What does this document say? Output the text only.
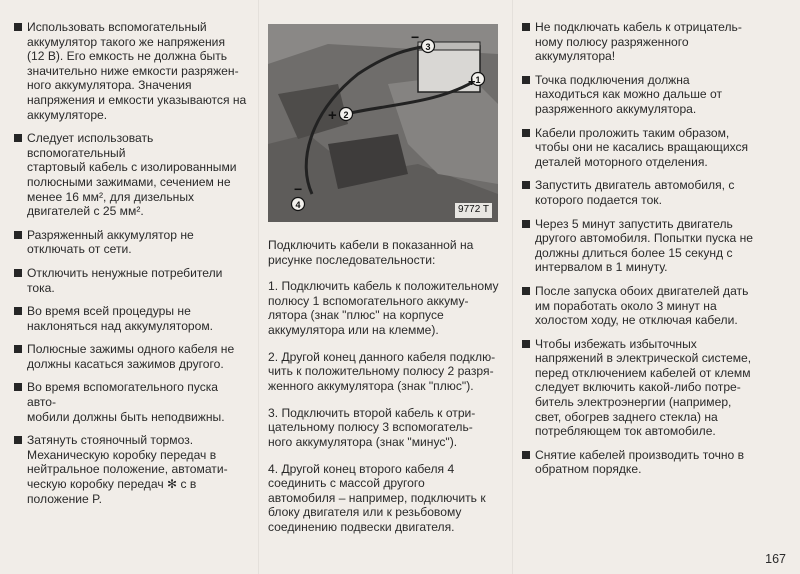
Использовать вспомогательный
аккумулятор такого же напряжения
(12 В). Его емкость не должна быть
значительно ниже емкости разряжен-
ного аккумулятора. Значения
напряжения и емкости указываются на
аккумуляторе.

Следует использовать вспомогательный
стартовый кабель с изолированными
полюсными зажимами, сечением не
менее 16 мм², для дизельных
двигателей с 25 мм².

Разряженный аккумулятор не
отключать от сети.

Отключить ненужные потребители
тока.

Во время всей процедуры не
наклоняться над аккумулятором.

Полюсные зажимы одного кабеля не
должны касаться зажимов другого.

Во время вспомогательного пуска авто-
мобили должны быть неподвижны.

Затянуть стояночный тормоз.
Механическую коробку передач в
нейтральное положение, автомати-
ческую коробку передач ✻ с в
положение P.

3
1
2
4
+
+
−
−
9772 T

Подключить кабели в показанной на
рисунке последовательности:

1. Подключить кабель к положительному
полюсу 1 вспомогательного аккуму-
лятора (знак "плюс" на корпусе
аккумулятора или на клемме).

2. Другой конец данного кабеля подклю-
чить к положительному полюсу 2 разря-
женного аккумулятора (знак "плюс").

3. Подключить второй кабель к отри-
цательному полюсу 3 вспомогатель-
ного аккумулятора (знак "минус").

4. Другой конец второго кабеля 4
соединить с массой другого
автомобиля – например, подключить к
блоку двигателя или к резьбовому
соединению подвески двигателя.

Не подключать кабель к отрицатель-
ному полюсу разряженного
аккумулятора!

Точка подключения должна
находиться как можно дальше от
разряженного аккумулятора.

Кабели проложить таким образом,
чтобы они не касались вращающихся
деталей моторного отделения.

Запустить двигатель автомобиля, с
которого подается ток.

Через 5 минут запустить двигатель
другого автомобиля. Попытки пуска не
должны длиться более 15 секунд с
интервалом в 1 минуту.

После запуска обоих двигателей дать
им поработать около 3 минут на
холостом ходу, не отключая кабели.

Чтобы избежать избыточных
напряжений в электрической системе,
перед отключением кабелей от клемм
следует включить какой-либо потре-
битель электроэнергии (например,
свет, обогрев заднего стекла) на
потребляющем ток автомобиле.

Снятие кабелей производить точно в
обратном порядке.

167
